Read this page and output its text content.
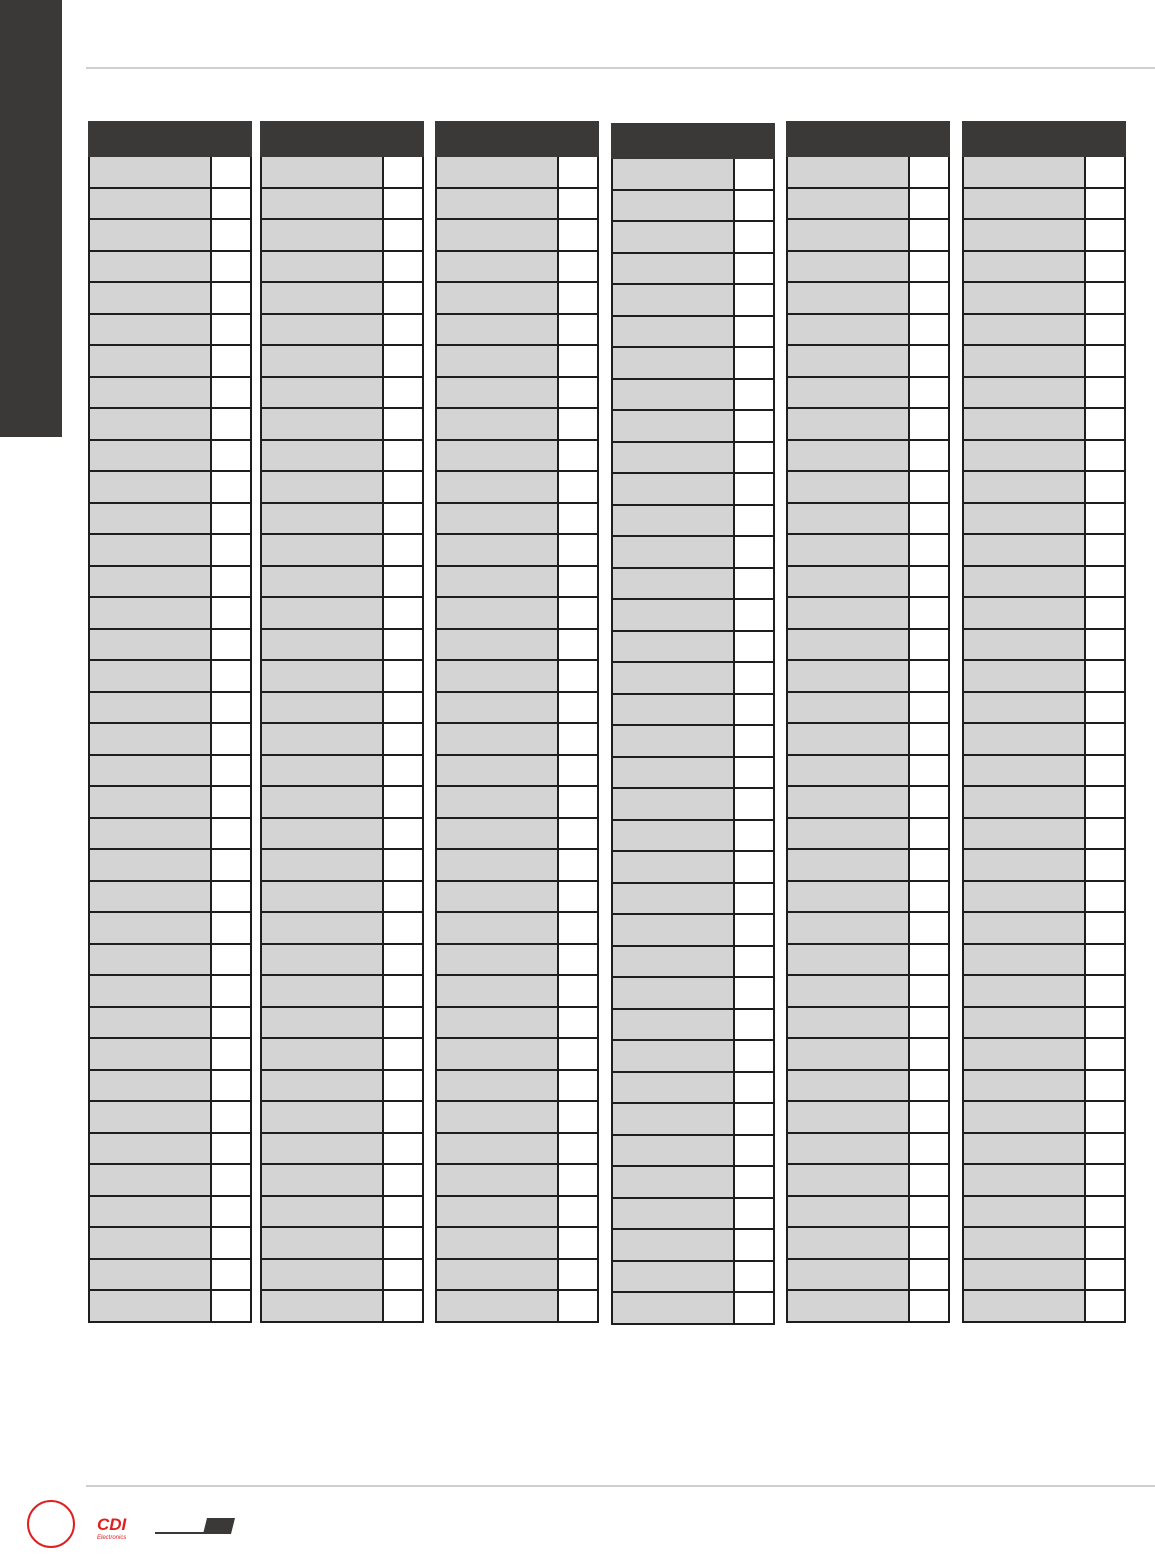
CDI
Electronics
